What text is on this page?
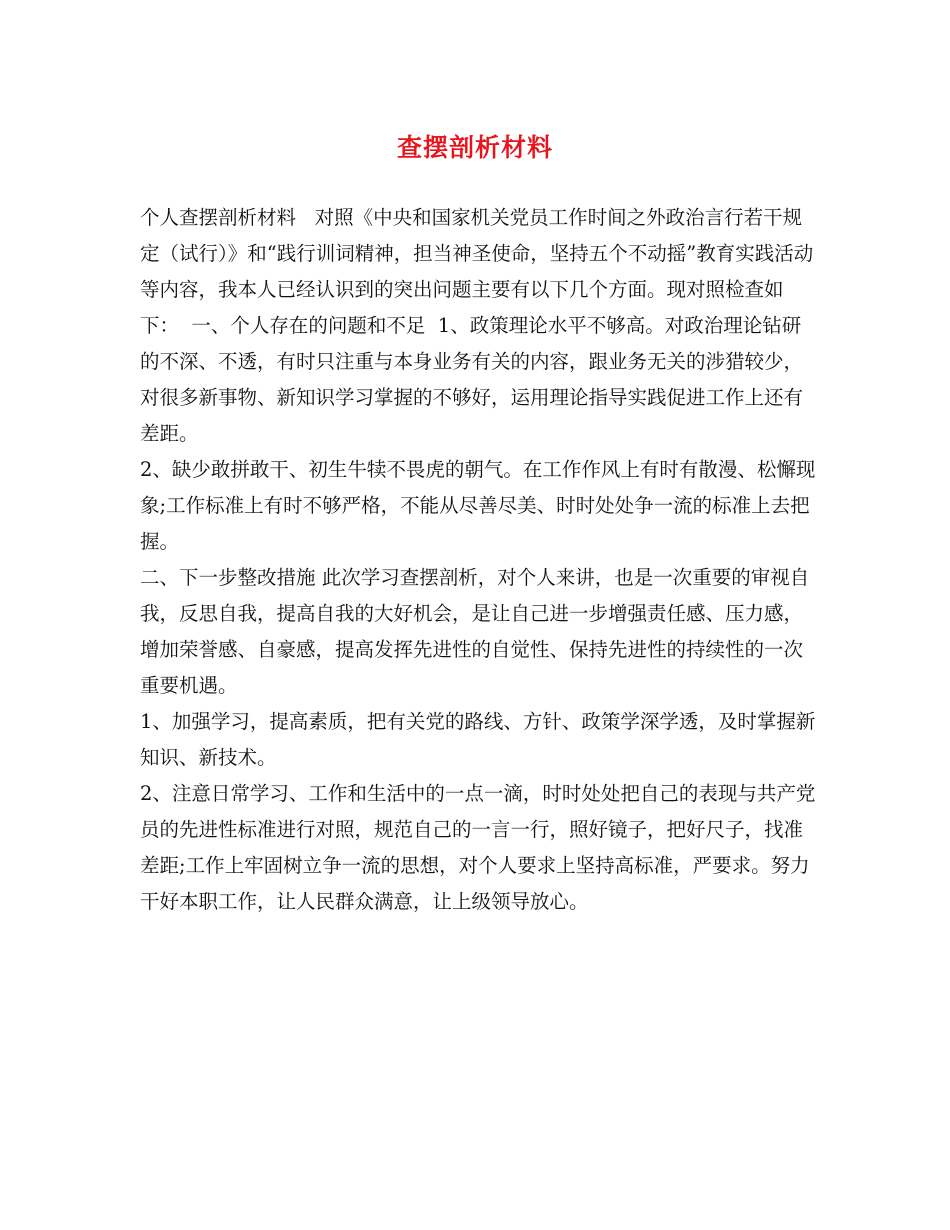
查摆剖析材料

个人查摆剖析材料   对照《中央和国家机关党员工作时间之外政治言行若干规定（试行）》和“践行训词精神，担当神圣使命，坚持五个不动摇”教育实践活动等内容，我本人已经认识到的突出问题主要有以下几个方面。现对照检查如下：  一、个人存在的问题和不足  1、政策理论水平不够高。对政治理论钻研的不深、不透，有时只注重与本身业务有关的内容，跟业务无关的涉猎较少，对很多新事物、新知识学习掌握的不够好，运用理论指导实践促进工作上还有差距。

2、缺少敢拼敢干、初生牛犊不畏虎的朝气。在工作作风上有时有散漫、松懈现象;工作标准上有时不够严格，不能从尽善尽美、时时处处争一流的标准上去把握。

二、下一步整改措施 此次学习查摆剖析，对个人来讲，也是一次重要的审视自我，反思自我，提高自我的大好机会，是让自己进一步增强责任感、压力感，增加荣誉感、自豪感，提高发挥先进性的自觉性、保持先进性的持续性的一次重要机遇。

1、加强学习，提高素质，把有关党的路线、方针、政策学深学透，及时掌握新知识、新技术。

2、注意日常学习、工作和生活中的一点一滴，时时处处把自己的表现与共产党员的先进性标准进行对照，规范自己的一言一行，照好镜子，把好尺子，找准差距;工作上牢固树立争一流的思想，对个人要求上坚持高标准，严要求。努力干好本职工作，让人民群众满意，让上级领导放心。
